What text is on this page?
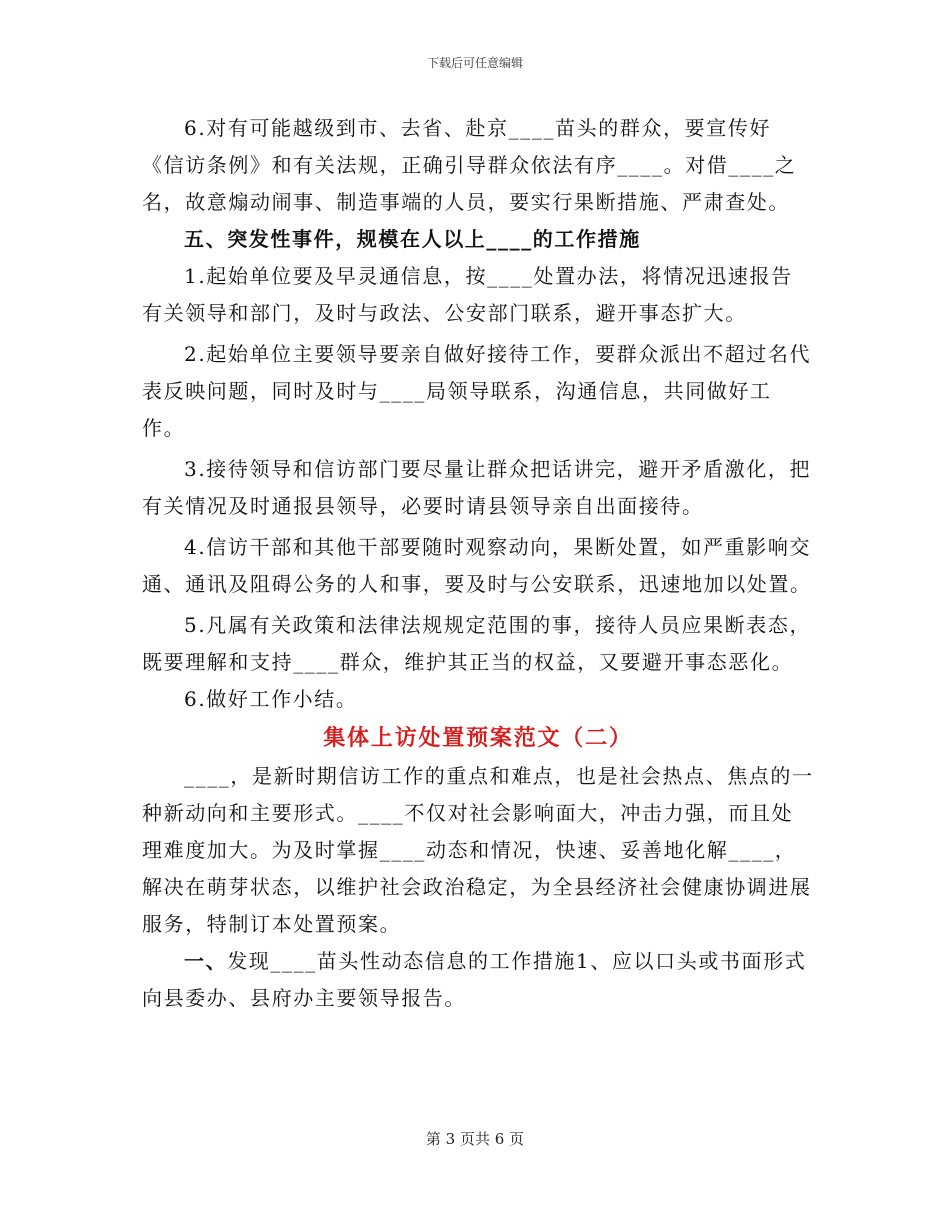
下载后可任意编辑

6.对有可能越级到市、去省、赴京____苗头的群众，要宣传好《信访条例》和有关法规，正确引导群众依法有序____。对借____之名，故意煽动闹事、制造事端的人员，要实行果断措施、严肃查处。

五、突发性事件，规模在人以上____的工作措施

1.起始单位要及早灵通信息，按____处置办法，将情况迅速报告有关领导和部门，及时与政法、公安部门联系，避开事态扩大。

2.起始单位主要领导要亲自做好接待工作，要群众派出不超过名代表反映问题，同时及时与____局领导联系，沟通信息，共同做好工作。

3.接待领导和信访部门要尽量让群众把话讲完，避开矛盾激化，把有关情况及时通报县领导，必要时请县领导亲自出面接待。

4.信访干部和其他干部要随时观察动向，果断处置，如严重影响交通、通讯及阻碍公务的人和事，要及时与公安联系，迅速地加以处置。

5.凡属有关政策和法律法规规定范围的事，接待人员应果断表态，既要理解和支持____群众，维护其正当的权益，又要避开事态恶化。

6.做好工作小结。

集体上访处置预案范文（二）

____，是新时期信访工作的重点和难点，也是社会热点、焦点的一种新动向和主要形式。____不仅对社会影响面大，冲击力强，而且处理难度加大。为及时掌握____动态和情况，快速、妥善地化解____，解决在萌芽状态，以维护社会政治稳定，为全县经济社会健康协调进展服务，特制订本处置预案。

一、发现____苗头性动态信息的工作措施1、应以口头或书面形式向县委办、县府办主要领导报告。

第 3 页共 6 页
